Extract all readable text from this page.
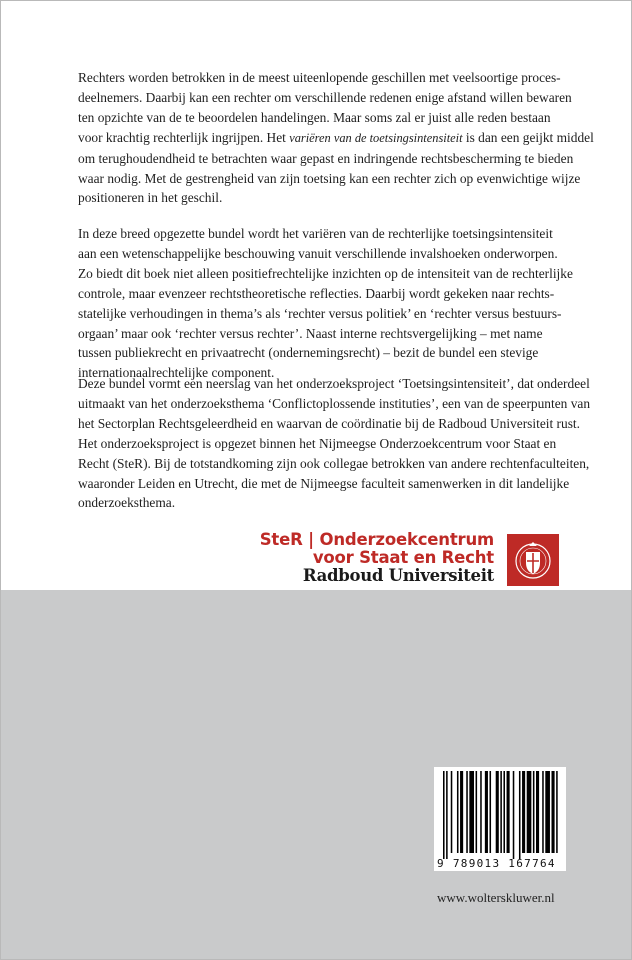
Rechters worden betrokken in de meest uiteenlopende geschillen met veelsoortige proces-
deelnemers. Daarbij kan een rechter om verschillende redenen enige afstand willen bewaren
ten opzichte van de te beoordelen handelingen. Maar soms zal er juist alle reden bestaan
voor krachtig rechterlijk ingrijpen. Het variëren van de toetsingsintensiteit is dan een geijkt middel
om terughoudendheid te betrachten waar gepast en indringende rechtsbescherming te bieden
waar nodig. Met de gestrengheid van zijn toetsing kan een rechter zich op evenwichtige wijze
positioneren in het geschil.
In deze breed opgezette bundel wordt het variëren van de rechterlijke toetsingsintensiteit
aan een wetenschappelijke beschouwing vanuit verschillende invalshoeken onderworpen.
Zo biedt dit boek niet alleen positiefrechtelijke inzichten op de intensiteit van de rechterlijke
controle, maar evenzeer rechtstheoretische reflecties. Daarbij wordt gekeken naar rechts-
statelijke verhoudingen in thema’s als ‘rechter versus politiek’ en ‘rechter versus bestuurs-
orgaan’ maar ook ‘rechter versus rechter’. Naast interne rechtsvergelijking – met name
tussen publiekrecht en privaatrecht (ondernemingsrecht) – bezit de bundel een stevige
internationaalrechtelijke component.
Deze bundel vormt een neerslag van het onderzoeksproject ‘Toetsingsintensiteit’, dat onderdeel
uitmaakt van het onderzoeksthema ‘Conflictoplossende instituties’, een van de speerpunten van
het Sectorplan Rechtsgeleerdheid en waarvan de coördinatie bij de Radboud Universiteit rust.
Het onderzoeksproject is opgezet binnen het Nijmeegse Onderzoekcentrum voor Staat en
Recht (SteR). Bij de totstandkoming zijn ook collegae betrokken van andere rechtenfaculteiten,
waaronder Leiden en Utrecht, die met de Nijmeegse faculteit samenwerken in dit landelijke
onderzoeksthema.
SteR | Onderzoekcentrum
voor Staat en Recht
Radboud Universiteit
9 789013 167764
www.wolterskluwer.nl
